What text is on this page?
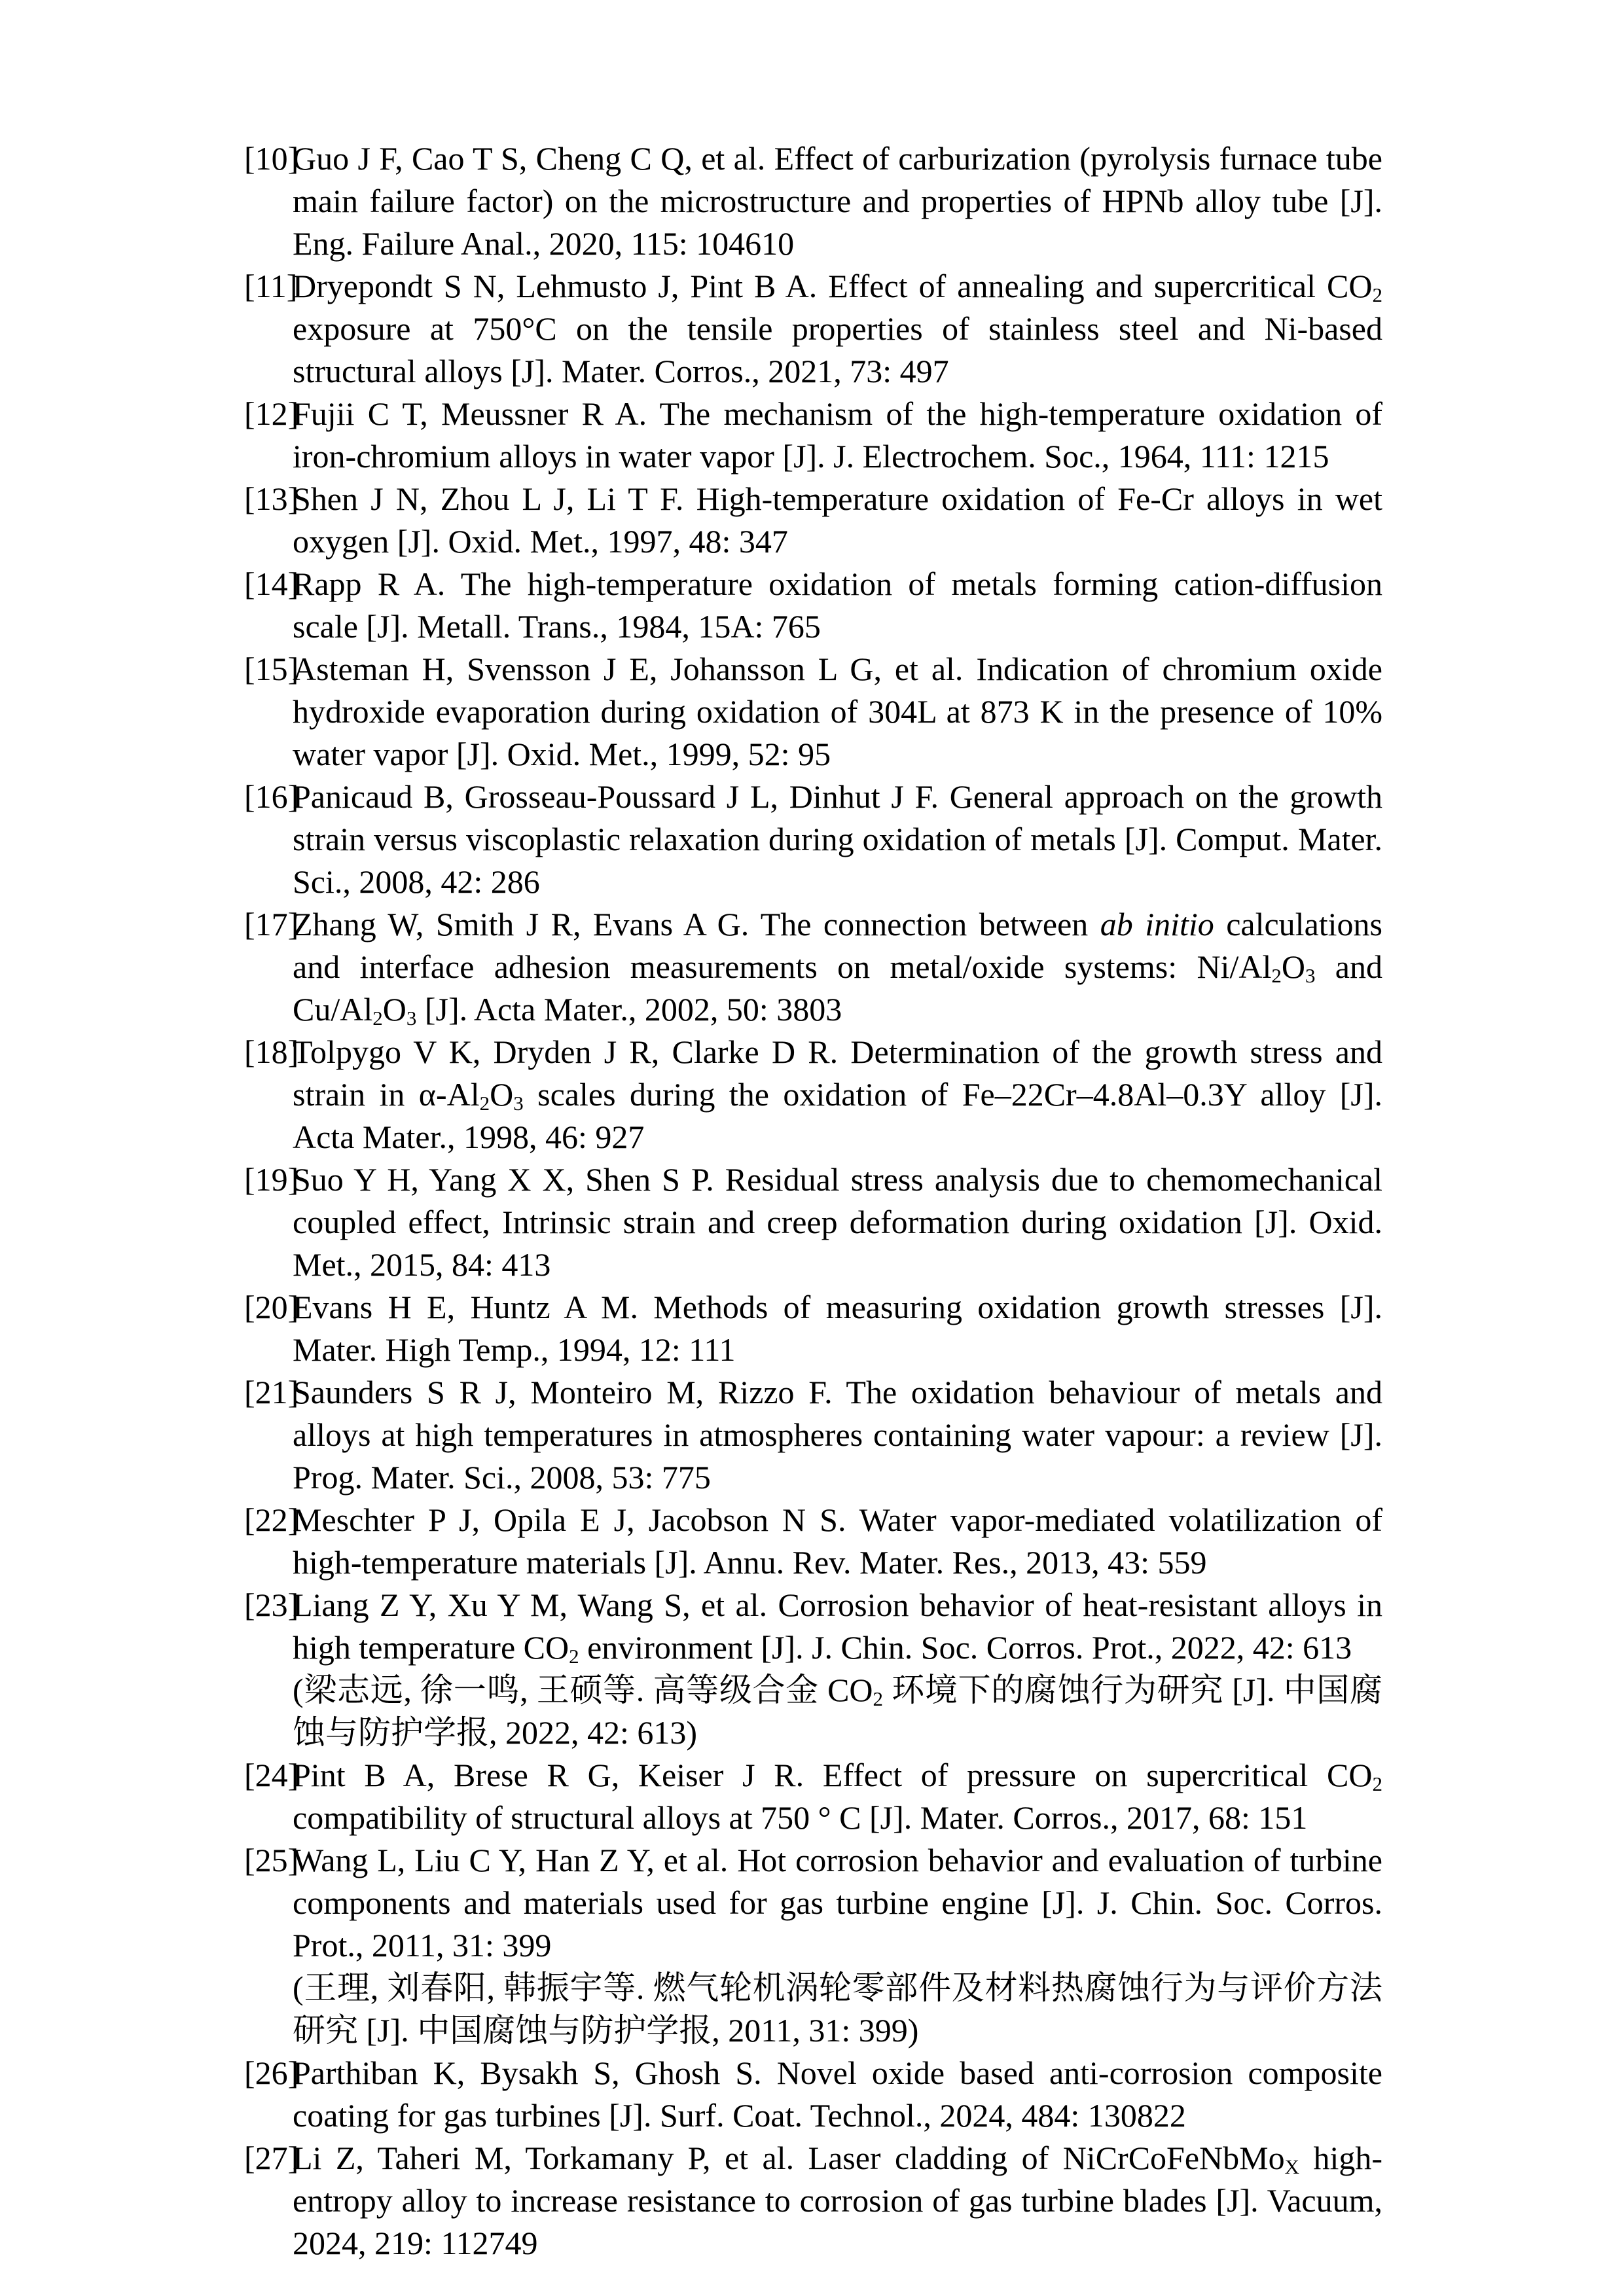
[10]Guo J F, Cao T S, Cheng C Q, et al. Effect of carburization (pyrolysis furnace tube main failure factor) on the microstructure and properties of HPNb alloy tube [J]. Eng. Failure Anal., 2020, 115: 104610
[11]Dryepondt S N, Lehmusto J, Pint B A. Effect of annealing and supercritical $CO_2$ exposure at 750°C on the tensile properties of stainless steel and Ni-based structural alloys [J]. Mater. Corros., 2021, 73: 497
[12]Fujii C T, Meussner R A. The mechanism of the high-temperature oxidation of iron-chromium alloys in water vapor [J]. J. Electrochem. Soc., 1964, 111: 1215
[13]Shen J N, Zhou L J, Li T F. High-temperature oxidation of Fe-Cr alloys in wet oxygen [J]. Oxid. Met., 1997, 48: 347
[14]Rapp R A. The high-temperature oxidation of metals forming cation-diffusion scale [J]. Metall. Trans., 1984, 15A: 765
[15]Asteman H, Svensson J E, Johansson L G, et al. Indication of chromium oxide hydroxide evaporation during oxidation of 304L at 873 K in the presence of 10% water vapor [J]. Oxid. Met., 1999, 52: 95
[16]Panicaud B, Grosseau-Poussard J L, Dinhut J F. General approach on the growth strain versus viscoplastic relaxation during oxidation of metals [J]. Comput. Mater. Sci., 2008, 42: 286
[17]Zhang W, Smith J R, Evans A G. The connection between ab initio calculations and interface adhesion measurements on metal/oxide systems: $Ni/Al_2O_3$ and $Cu/Al_2O_3$ [J]. Acta Mater., 2002, 50: 3803
[18]Tolpygo V K, Dryden J R, Clarke D R. Determination of the growth stress and strain in $\alpha-Al_2O_3$ scales during the oxidation of Fe–22Cr–4.8Al–0.3Y alloy [J]. Acta Mater., 1998, 46: 927
[19]Suo Y H, Yang X X, Shen S P. Residual stress analysis due to chemomechanical coupled effect, Intrinsic strain and creep deformation during oxidation [J]. Oxid. Met., 2015, 84: 413
[20]Evans H E, Huntz A M. Methods of measuring oxidation growth stresses [J]. Mater. High Temp., 1994, 12: 111
[21]Saunders S R J, Monteiro M, Rizzo F. The oxidation behaviour of metals and alloys at high temperatures in atmospheres containing water vapour: a review [J]. Prog. Mater. Sci., 2008, 53: 775
[22]Meschter P J, Opila E J, Jacobson N S. Water vapor-mediated volatilization of high-temperature materials [J]. Annu. Rev. Mater. Res., 2013, 43: 559
[23]Liang Z Y, Xu Y M, Wang S, et al. Corrosion behavior of heat-resistant alloys in high temperature $CO_2$ environment [J]. J. Chin. Soc. Corros. Prot., 2022, 42: 613
(梁志远, 徐一鸣, 王硕等. 高等级合金 $CO_2$ 环境下的腐蚀行为研究 [J]. 中国腐蚀与防护学报, 2022, 42: 613)
[24]Pint B A, Brese R G, Keiser J R. Effect of pressure on supercritical $CO_2$ compatibility of structural alloys at 750 ° C [J]. Mater. Corros., 2017, 68: 151
[25]Wang L, Liu C Y, Han Z Y, et al. Hot corrosion behavior and evaluation of turbine components and materials used for gas turbine engine [J]. J. Chin. Soc. Corros. Prot., 2011, 31: 399
(王理, 刘春阳, 韩振宇等. 燃气轮机涡轮零部件及材料热腐蚀行为与评价方法研究 [J]. 中国腐蚀与防护学报, 2011, 31: 399)
[26]Parthiban K, Bysakh S, Ghosh S. Novel oxide based anti-corrosion composite coating for gas turbines [J]. Surf. Coat. Technol., 2024, 484: 130822
[27]Li Z, Taheri M, Torkamany P, et al. Laser cladding of NiCrCoFeNbMo$_X$ high-entropy alloy to increase resistance to corrosion of gas turbine blades [J]. Vacuum, 2024, 219: 112749
